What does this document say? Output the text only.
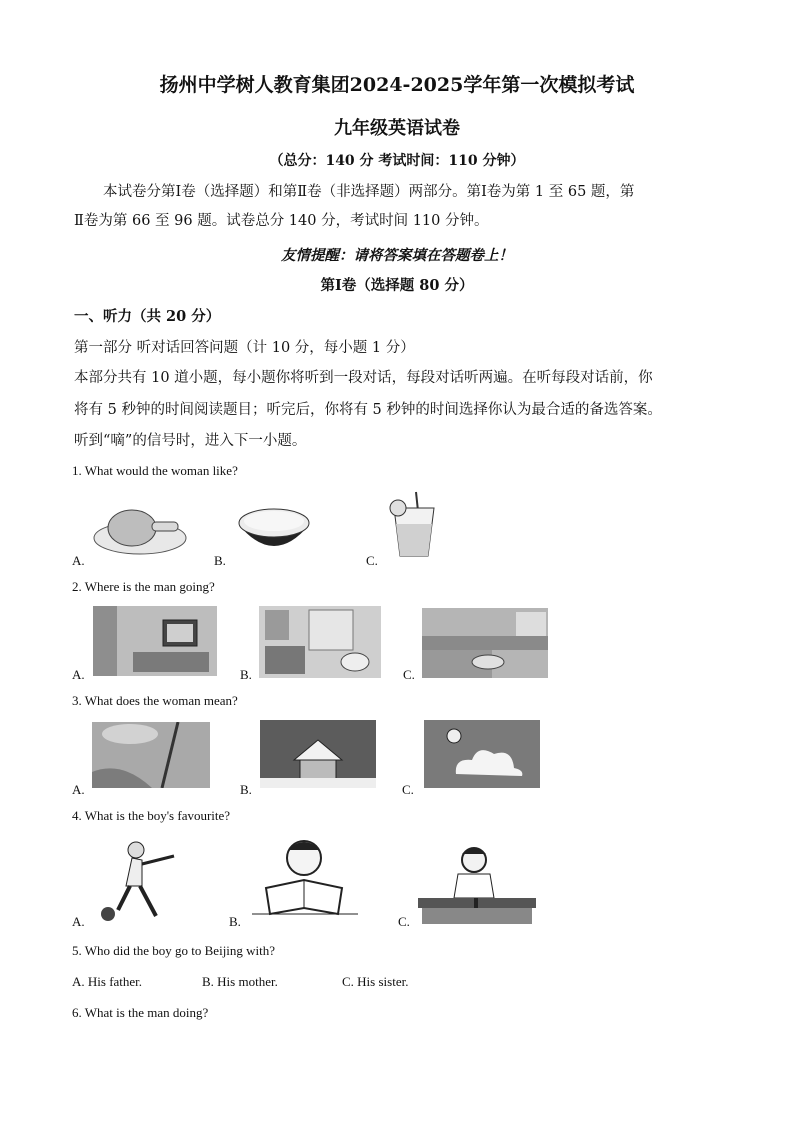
扬州中学树人教育集团2024-2025学年第一次模拟考试
九年级英语试卷
（总分：140 分 考试时间：110 分钟）
本试卷分第Ⅰ卷（选择题）和第Ⅱ卷（非选择题）两部分。第Ⅰ卷为第 1 至 65 题，第
Ⅱ卷为第 66 至 96 题。试卷总分 140 分，考试时间 110 分钟。
友情提醒：请将答案填在答题卷上！
第Ⅰ卷（选择题 80 分）
一、听力（共 20 分）
第一部分 听对话回答问题（计 10 分，每小题 1 分）
本部分共有 10 道小题，每小题你将听到一段对话，每段对话听两遍。在听每段对话前，你
将有 5 秒钟的时间阅读题目；听完后，你将有 5 秒钟的时间选择你认为最合适的备选答案。
听到“嘀”的信号时，进入下一小题。
1. What would the woman like?
A.	B.	C.
2. Where is the man going?
A.	B.	C.
3. What does the woman mean?
A.	B.	C.
4. What is the boy's favourite?
A.	B.	C.
5. Who did the boy go to Beijing with?
A. His father.	B. His mother.	C. His sister.
6. What is the man doing?
